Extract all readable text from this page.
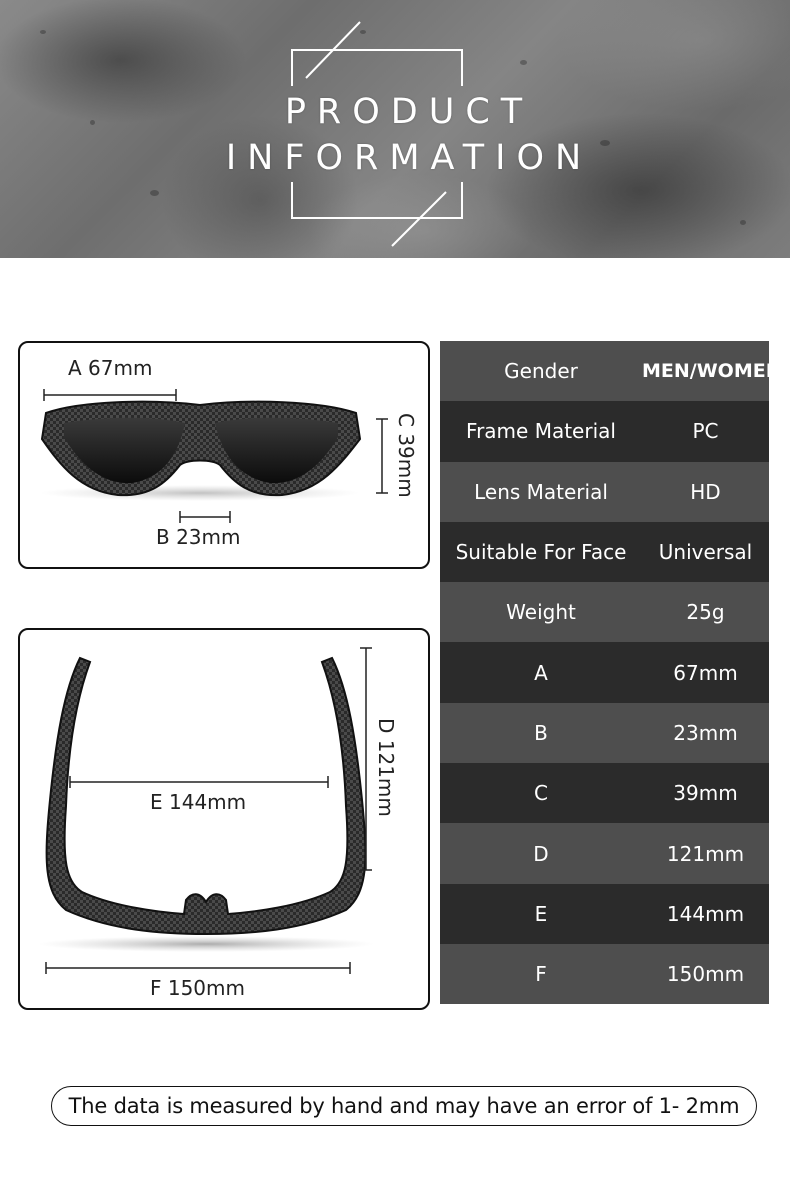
PRODUCT
INFORMATION
A 67mm
B 23mm
C 39mm
E 144mm
F 150mm
D 121mm
Gender	MEN/WOMEN
Frame Material	PC
Lens Material	HD
Suitable For Face	Universal
Weight	25g
A	67mm
B	23mm
C	39mm
D	121mm
E	144mm
F	150mm
The data is measured by hand and may have an error of 1- 2mm
